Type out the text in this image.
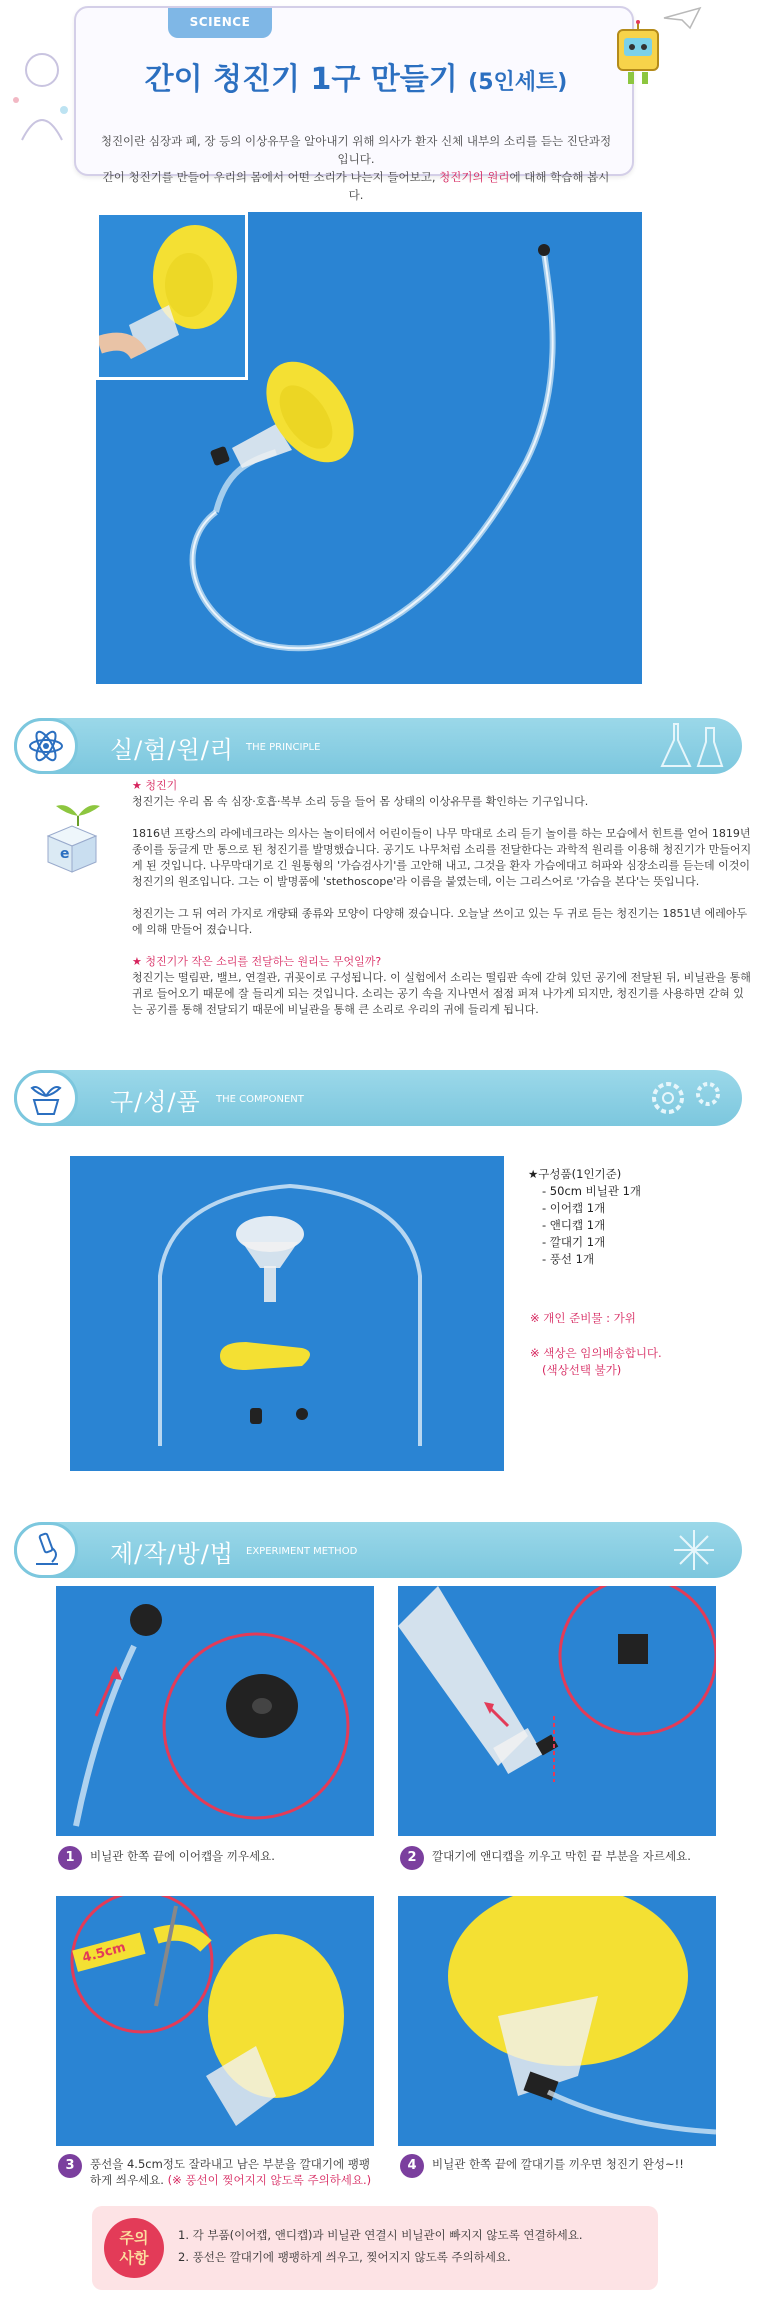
SCIENCE
간이 청진기 1구 만들기 (5인세트)
청진이란 심장과 폐, 장 등의 이상유무을 알아내기 위해 의사가 환자 신체 내부의 소리를 듣는 진단과정입니다.
간이 청진기를 만들어 우리의 몸에서 어떤 소리가 나는지 들어보고, 청진기의 원리에 대해 학습해 봅시다.
실/험/원/리 THE PRINCIPLE
e
★ 청진기

청진기는 우리 몸 속 심장·호흡·복부 소리 등을 들어 몸 상태의 이상유무를 확인하는 기구입니다.

1816년 프랑스의 라에네크라는 의사는 놀이터에서 어린이들이 나무 막대로 소리 듣기 놀이를 하는 모습에서 힌트를 얻어 1819년 종이를 둥글게 만 통으로 된 청진기를 발명했습니다. 공기도 나무처럼 소리를 전달한다는 과학적 원리를 이용해 청진기가 만들어지게 된 것입니다. 나무막대기로 긴 원통형의 '가슴검사기'를 고안해 내고, 그것을 환자 가슴에대고 허파와 심장소리를 듣는데 이것이 청진기의 원조입니다. 그는 이 발명품에 'stethoscope'라 이름을 붙였는데, 이는 그리스어로 '가슴을 본다'는 뜻입니다.

청진기는 그 뒤 여러 가지로 개량돼 종류와 모양이 다양해 졌습니다. 오늘날 쓰이고 있는 두 귀로 듣는 청진기는 1851년 에레아두에 의해 만들어 졌습니다.

★ 청진기가 작은 소리를 전달하는 원리는 무엇일까?

청진기는 떨림판, 밸브, 연결관, 귀꽂이로 구성됩니다. 이 실험에서 소리는 떨림판 속에 갇혀 있던 공기에 전달된 뒤, 비닐관을 통해 귀로 들어오기 때문에 잘 들리게 되는 것입니다. 소리는 공기 속을 지나면서 점점 퍼져 나가게 되지만, 청진기를 사용하면 갇혀 있는 공기를 통해 전달되기 때문에 비닐관을 통해 큰 소리로 우리의 귀에 들리게 됩니다.

구/성/품 THE COMPONENT
★구성품(1인기준)
- 50cm 비닐관 1개
- 이어캡 1개
- 앤디캡 1개
- 깔대기 1개
- 풍선 1개
※ 개인 준비물 : 가위
※ 색상은 임의배송합니다.
(색상선택 불가)
제/작/방/법 EXPERIMENT METHOD
1	비닐관 한쪽 끝에 이어캡을 끼우세요.	2	깔대기에 앤디캡을 끼우고 막힌 끝 부분을 자르세요.
4.5cm
3	풍선을 4.5cm정도 잘라내고 남은 부분을 깔대기에 팽팽하게 씌우세요. (※ 풍선이 찢어지지 않도록 주의하세요.)
4	비닐관 한쪽 끝에 깔대기를 끼우면 청진기 완성~!!
주의
사항
1. 각 부품(이어캡, 앤디캡)과 비닐관 연결시 비닐관이 빠지지 않도록 연결하세요.
2. 풍선은 깔대기에 팽팽하게 씌우고, 찢어지지 않도록 주의하세요.
